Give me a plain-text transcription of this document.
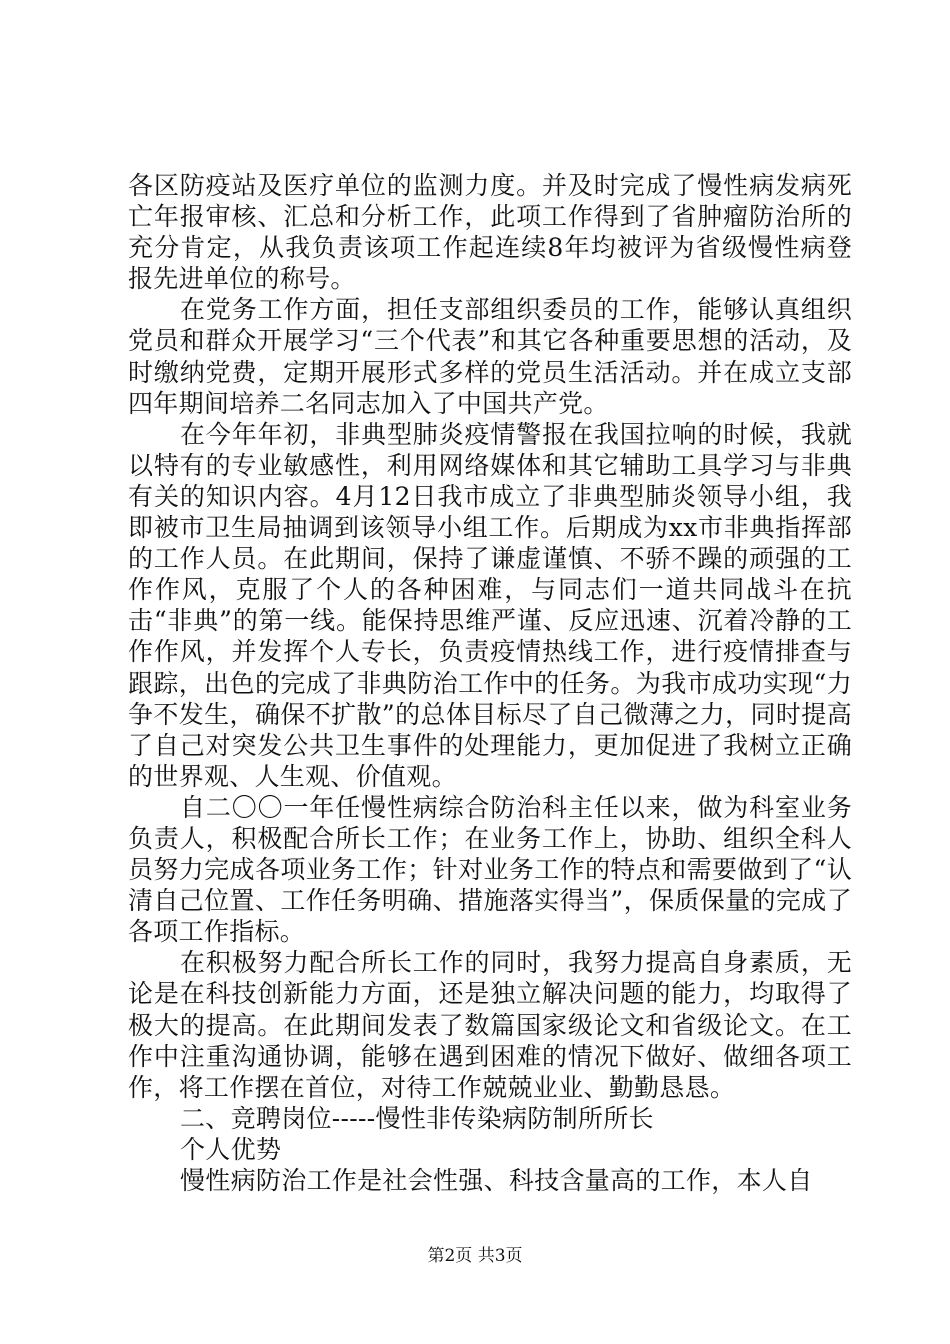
各区防疫站及医疗单位的监测力度。并及时完成了慢性病发病死亡年报审核、汇总和分析工作，此项工作得到了省肿瘤防治所的充分肯定，从我负责该项工作起连续8年均被评为省级慢性病登报先进单位的称号。

在党务工作方面，担任支部组织委员的工作，能够认真组织党员和群众开展学习“三个代表”和其它各种重要思想的活动，及时缴纳党费，定期开展形式多样的党员生活活动。并在成立支部四年期间培养二名同志加入了中国共产党。

在今年年初，非典型肺炎疫情警报在我国拉响的时候，我就以特有的专业敏感性，利用网络媒体和其它辅助工具学习与非典有关的知识内容。4月12日我市成立了非典型肺炎领导小组，我即被市卫生局抽调到该领导小组工作。后期成为xx市非典指挥部的工作人员。在此期间，保持了谦虚谨慎、不骄不躁的顽强的工作作风，克服了个人的各种困难，与同志们一道共同战斗在抗击“非典”的第一线。能保持思维严谨、反应迅速、沉着冷静的工作作风，并发挥个人专长，负责疫情热线工作，进行疫情排查与跟踪，出色的完成了非典防治工作中的任务。为我市成功实现“力争不发生，确保不扩散”的总体目标尽了自己微薄之力，同时提高了自己对突发公共卫生事件的处理能力，更加促进了我树立正确的世界观、人生观、价值观。

自二〇〇一年任慢性病综合防治科主任以来，做为科室业务负责人，积极配合所长工作；在业务工作上，协助、组织全科人员努力完成各项业务工作；针对业务工作的特点和需要做到了“认清自己位置、工作任务明确、措施落实得当”，保质保量的完成了各项工作指标。

在积极努力配合所长工作的同时，我努力提高自身素质，无论是在科技创新能力方面，还是独立解决问题的能力，均取得了极大的提高。在此期间发表了数篇国家级论文和省级论文。在工作中注重沟通协调，能够在遇到困难的情况下做好、做细各项工作，将工作摆在首位，对待工作兢兢业业、勤勤恳恳。

二、竞聘岗位-----慢性非传染病防制所所长

个人优势

慢性病防治工作是社会性强、科技含量高的工作，本人自

第2页 共3页
